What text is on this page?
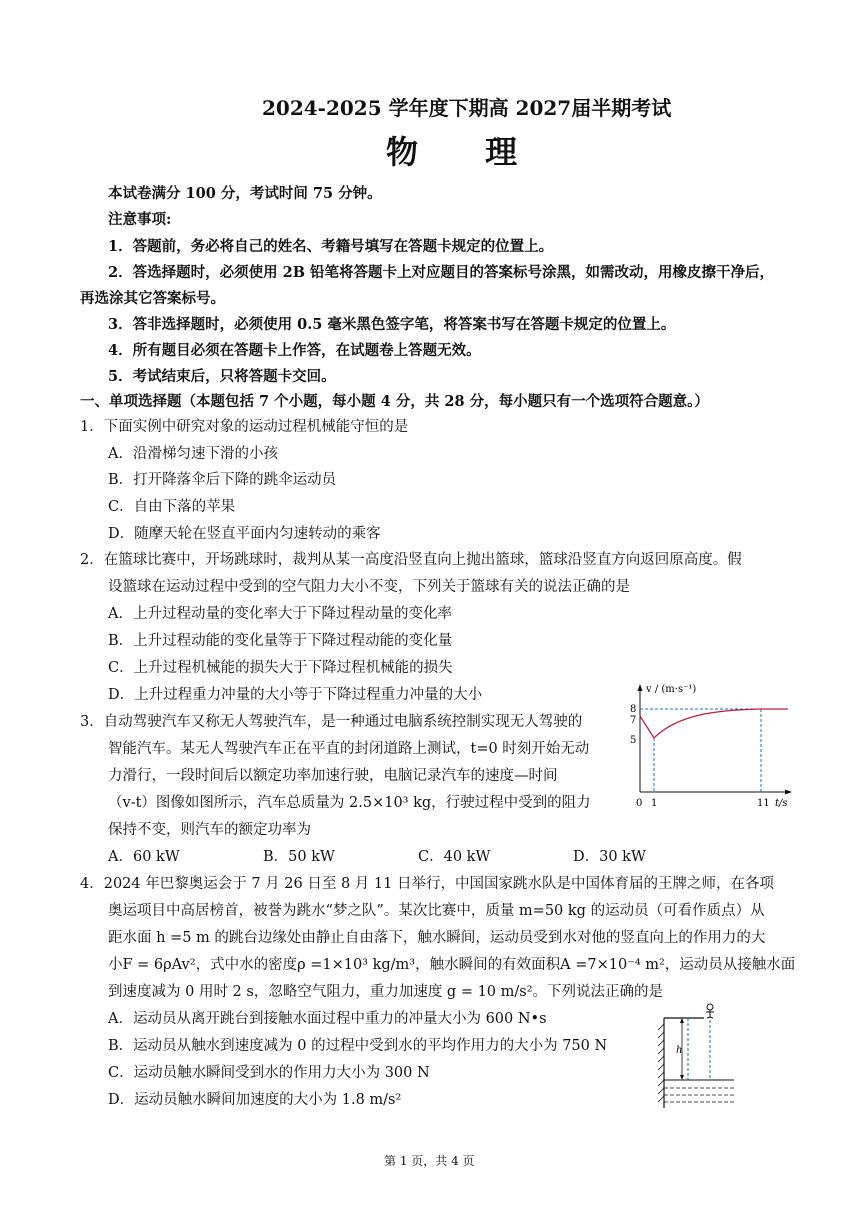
2024-2025 学年度下期高 2027届半期考试
物 理
本试卷满分 100 分，考试时间 75 分钟。
注意事项:
1．答题前，务必将自己的姓名、考籍号填写在答题卡规定的位置上。
2．答选择题时，必须使用 2B 铅笔将答题卡上对应题目的答案标号涂黑，如需改动，用橡皮擦干净后，
再选涂其它答案标号。
3．答非选择题时，必须使用 0.5 毫米黑色签字笔，将答案书写在答题卡规定的位置上。
4．所有题目必须在答题卡上作答，在试题卷上答题无效。
5．考试结束后，只将答题卡交回。
一、单项选择题（本题包括 7 个小题，每小题 4 分，共 28 分，每小题只有一个选项符合题意。）
1．下面实例中研究对象的运动过程机械能守恒的是
A．沿滑梯匀速下滑的小孩
B．打开降落伞后下降的跳伞运动员
C．自由下落的苹果
D．随摩天轮在竖直平面内匀速转动的乘客
2．在篮球比赛中，开场跳球时，裁判从某一高度沿竖直向上抛出篮球，篮球沿竖直方向返回原高度。假
设篮球在运动过程中受到的空气阻力大小不变，下列关于篮球有关的说法正确的是
A．上升过程动量的变化率大于下降过程动量的变化率
B．上升过程动能的变化量等于下降过程动能的变化量
C．上升过程机械能的损失大于下降过程机械能的损失
D．上升过程重力冲量的大小等于下降过程重力冲量的大小
3．自动驾驶汽车又称无人驾驶汽车，是一种通过电脑系统控制实现无人驾驶的
智能汽车。某无人驾驶汽车正在平直的封闭道路上测试，t=0 时刻开始无动
力滑行，一段时间后以额定功率加速行驶，电脑记录汽车的速度—时间
（v-t）图像如图所示，汽车总质量为 2.5×10³ kg，行驶过程中受到的阻力
保持不变，则汽车的额定功率为
A．60 kW	B．50 kW	C．40 kW	D．30 kW
v / (m·s⁻¹)
t/s
8
7
5
0 1	11
4．2024 年巴黎奥运会于 7 月 26 日至 8 月 11 日举行，中国国家跳水队是中国体育届的王牌之师，在各项
奥运项目中高居榜首，被誉为跳水“梦之队”。某次比赛中，质量 m=50 kg 的运动员（可看作质点）从
距水面 h =5 m 的跳台边缘处由静止自由落下，触水瞬间，运动员受到水对他的竖直向上的作用力的大
小F = 6ρAv²，式中水的密度ρ =1×10³ kg/m³，触水瞬间的有效面积A =7×10⁻⁴ m²，运动员从接触水面
到速度减为 0 用时 2 s，忽略空气阻力，重力加速度 g = 10 m/s²。下列说法正确的是
A．运动员从离开跳台到接触水面过程中重力的冲量大小为 600 N•s
B．运动员从触水到速度减为 0 的过程中受到水的平均作用力的大小为 750 N
C．运动员触水瞬间受到水的作用力大小为 300 N
D．运动员触水瞬间加速度的大小为 1.8 m/s²
h
第 1 页，共 4 页
